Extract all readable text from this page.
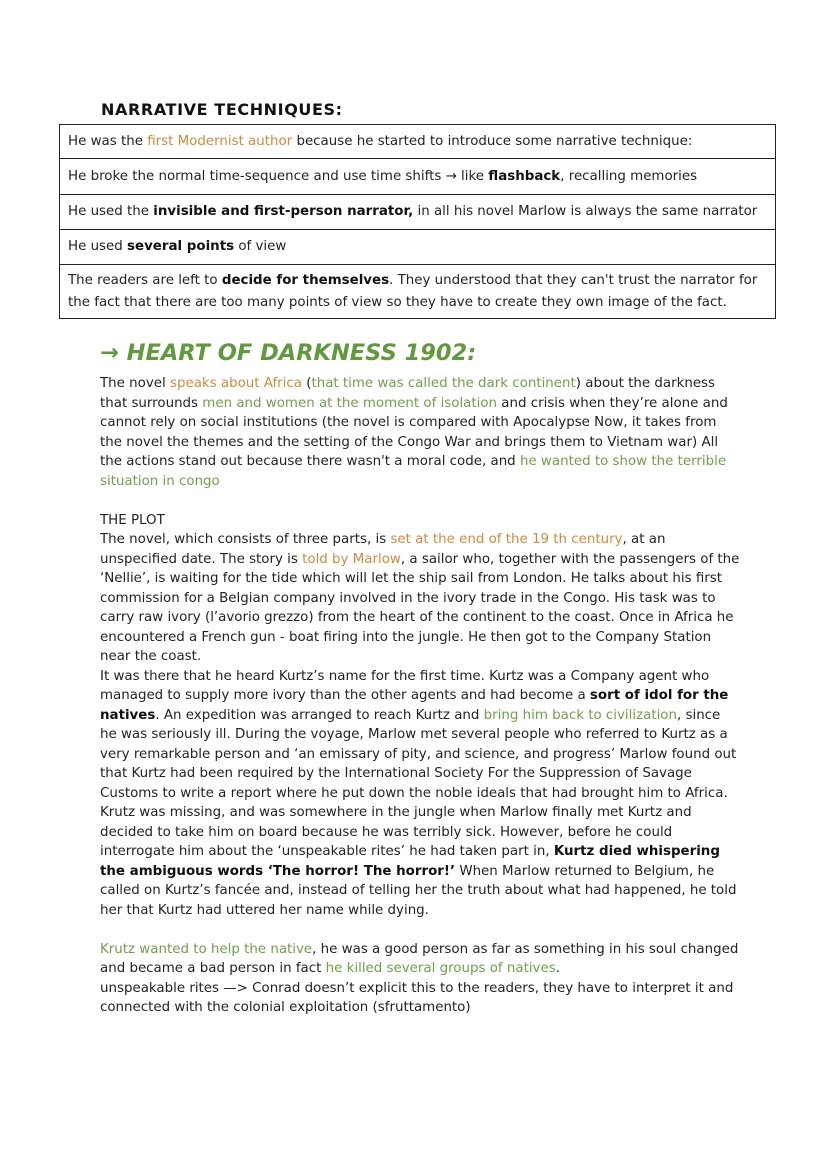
NARRATIVE TECHNIQUES:
He was the first Modernist author because he started to introduce some narrative technique:
He broke the normal time-sequence and use time shifts → like flashback, recalling memories
He used the invisible and first-person narrator, in all his novel Marlow is always the same narrator
He used several points of view
The readers are left to decide for themselves. They understood that they can't trust the narrator for the fact that there are too many points of view so they have to create they own image of the fact.
→ HEART OF DARKNESS 1902:

The novel speaks about Africa (that time was called the dark continent) about the darkness that surrounds men and women at the moment of isolation and crisis when they’re alone and cannot rely on social institutions (the novel is compared with Apocalypse Now, it takes from the novel the themes and the setting of the Congo War and brings them to Vietnam war) All the actions stand out because there wasn't a moral code, and he wanted to show the terrible situation in congo

THE PLOT

The novel, which consists of three parts, is set at the end of the 19 th century, at an unspecified date. The story is told by Marlow, a sailor who, together with the passengers of the ‘Nellie’, is waiting for the tide which will let the ship sail from London. He talks about his first commission for a Belgian company involved in the ivory trade in the Congo. His task was to carry raw ivory (l’avorio grezzo) from the heart of the continent to the coast. Once in Africa he encountered a French gun - boat firing into the jungle. He then got to the Company Station near the coast.

It was there that he heard Kurtz’s name for the first time. Kurtz was a Company agent who managed to supply more ivory than the other agents and had become a sort of idol for the natives. An expedition was arranged to reach Kurtz and bring him back to civilization, since he was seriously ill. During the voyage, Marlow met several people who referred to Kurtz as a very remarkable person and ‘an emissary of pity, and science, and progress’ Marlow found out that Kurtz had been required by the International Society For the Suppression of Savage Customs to write a report where he put down the noble ideals that had brought him to Africa.

Krutz was missing, and was somewhere in the jungle when Marlow finally met Kurtz and decided to take him on board because he was terribly sick. However, before he could interrogate him about the ‘unspeakable rites’ he had taken part in, Kurtz died whispering the ambiguous words ‘The horror! The horror!’ When Marlow returned to Belgium, he called on Kurtz’s fancée and, instead of telling her the truth about what had happened, he told her that Kurtz had uttered her name while dying.

Krutz wanted to help the native, he was a good person as far as something in his soul changed and became a bad person in fact he killed several groups of natives.

unspeakable rites —> Conrad doesn’t explicit this to the readers, they have to interpret it and connected with the colonial exploitation (sfruttamento)
